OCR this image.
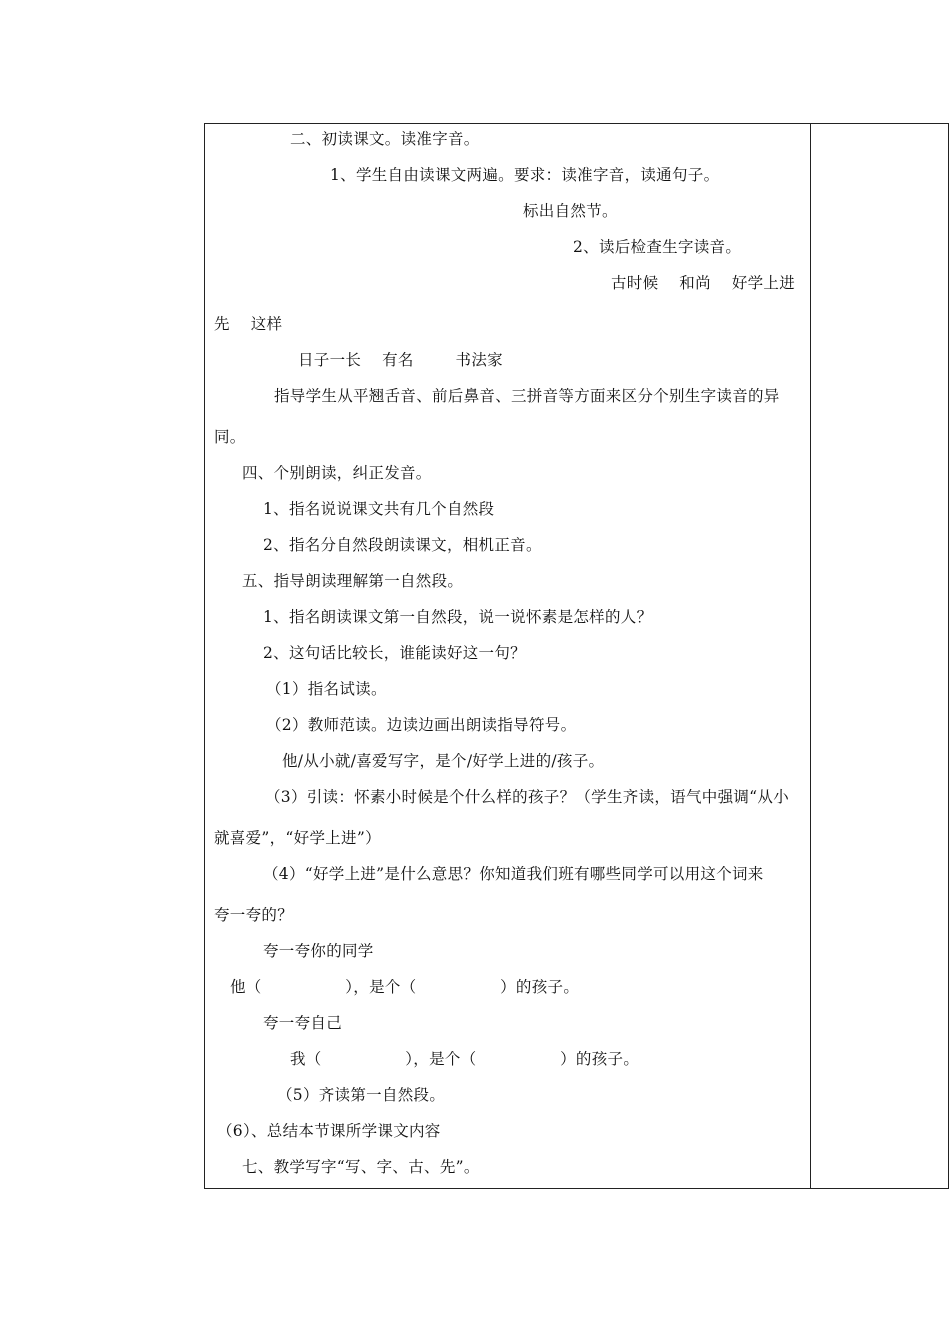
二、初读课文。读准字音。
1、学生自由读课文两遍。要求：读准字音，读通句子。
标出自然节。
2、读后检查生字读音。
古时候    和尚    好学上进
先    这样
日子一长    有名        书法家
指导学生从平翘舌音、前后鼻音、三拼音等方面来区分个别生字读音的异
同。
四、个别朗读，纠正发音。
1、指名说说课文共有几个自然段
2、指名分自然段朗读课文，相机正音。
五、指导朗读理解第一自然段。
1、指名朗读课文第一自然段，说一说怀素是怎样的人？
2、这句话比较长，谁能读好这一句？
（1）指名试读。
（2）教师范读。边读边画出朗读指导符号。
他/从小就/喜爱写字，是个/好学上进的/孩子。
（3）引读：怀素小时候是个什么样的孩子？（学生齐读，语气中强调“从小
就喜爱”，“好学上进”）
（4）“好学上进”是什么意思？你知道我们班有哪些同学可以用这个词来
夸一夸的？
夸一夸你的同学
他（                ），是个（                ）的孩子。
夸一夸自己
我（                ），是个（                ）的孩子。
（5）齐读第一自然段。
（6）、总结本节课所学课文内容
七、教学写字“写、字、古、先”。
